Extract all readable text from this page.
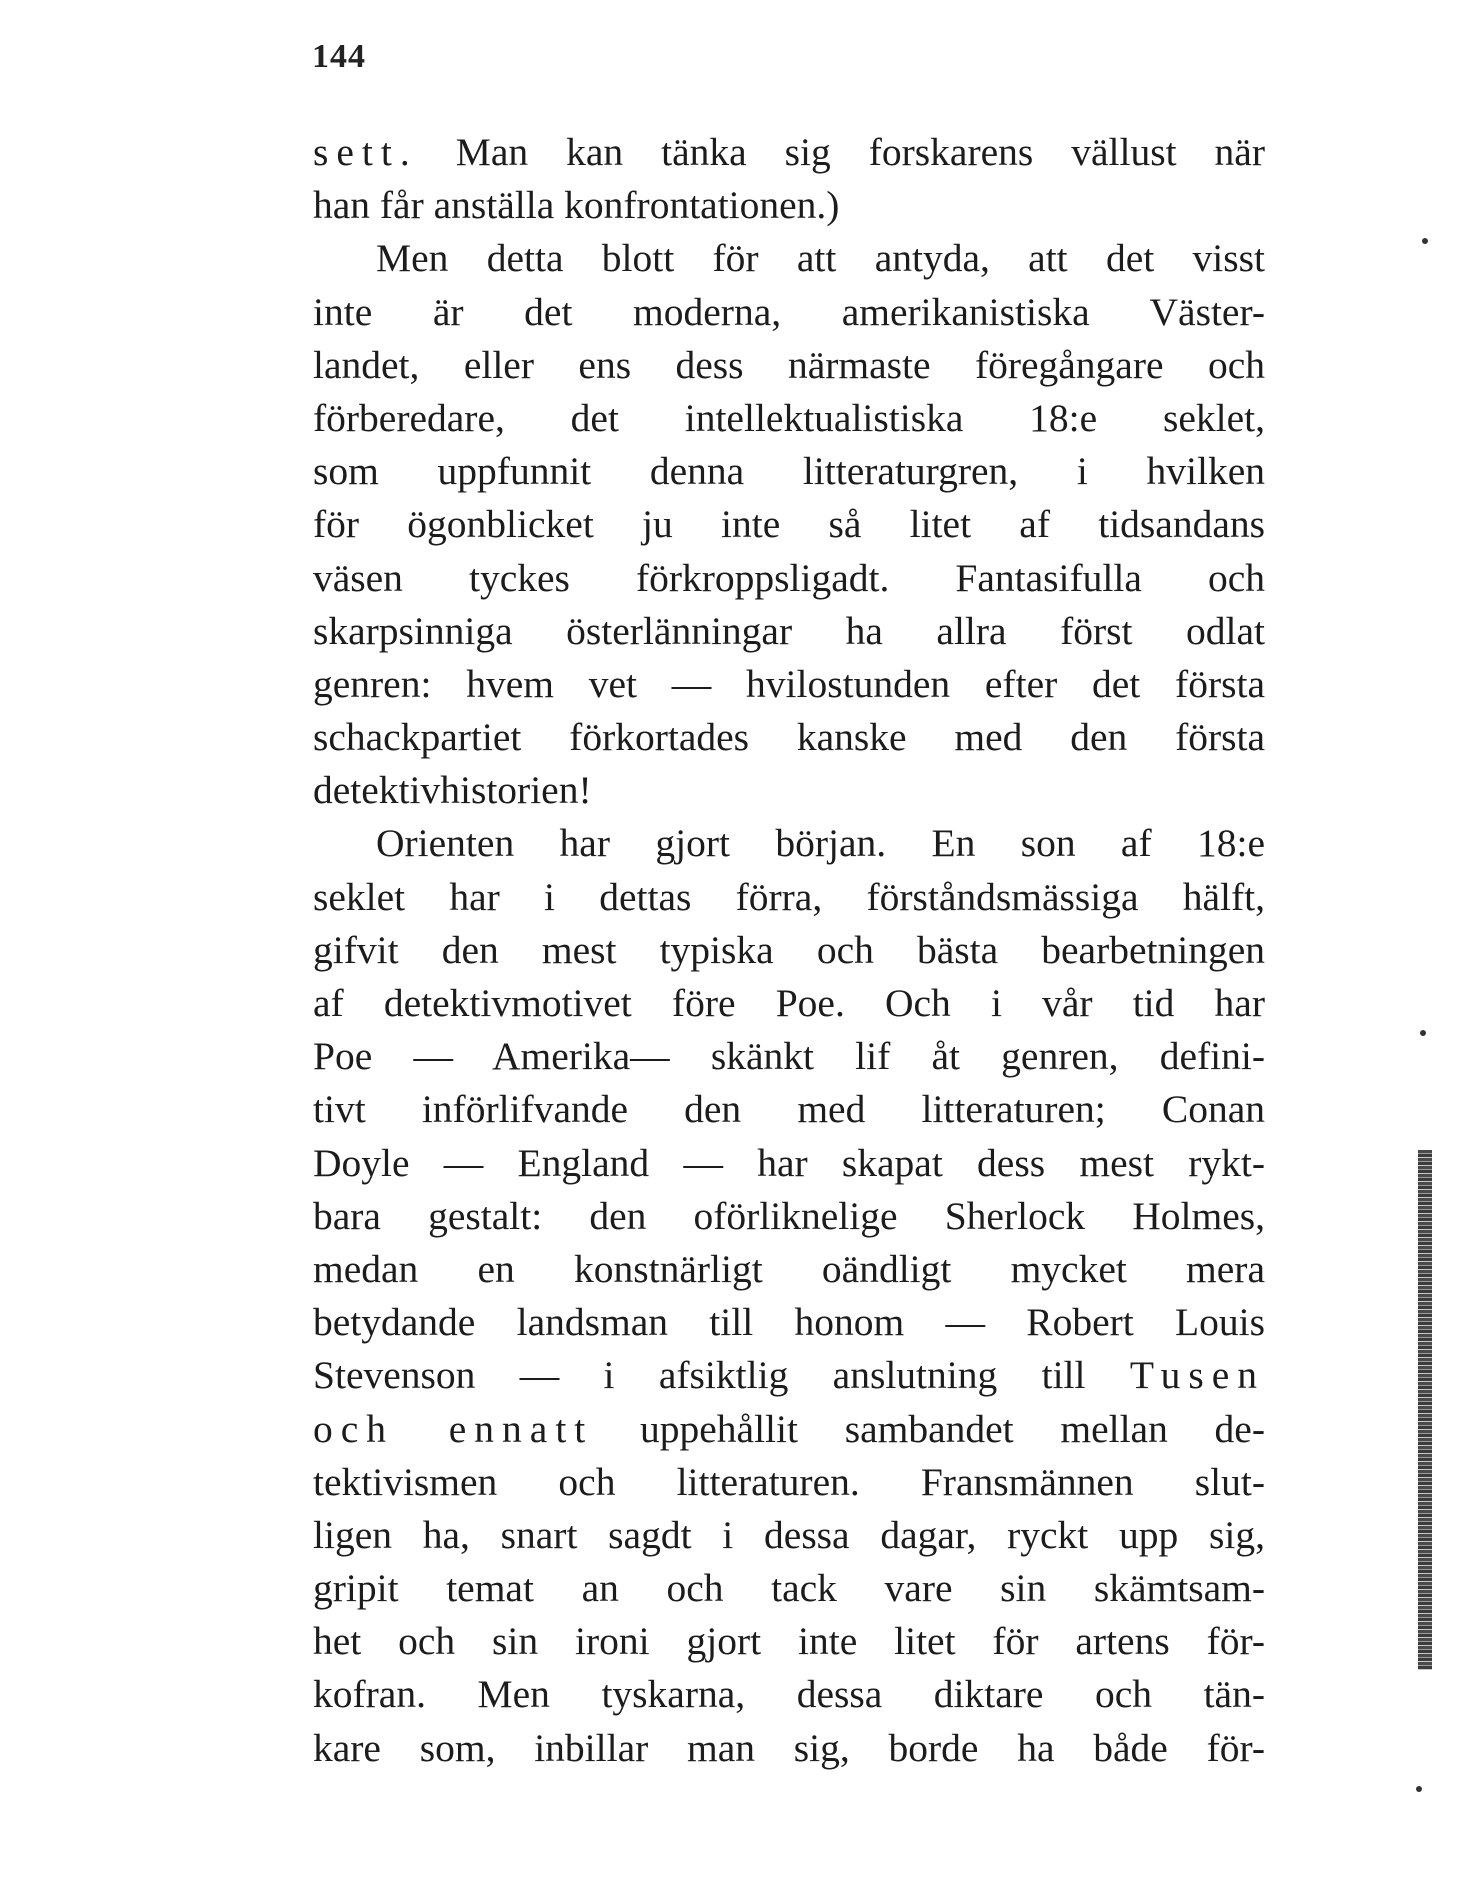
144
sett. Man kan tänka sig forskarens vällust när
han får anställa konfrontationen.)
Men detta blott för att antyda, att det visst
inte är det moderna, amerikanistiska Väster-
landet, eller ens dess närmaste föregångare och
förberedare, det intellektualistiska 18:e seklet,
som uppfunnit denna litteraturgren, i hvilken
för ögonblicket ju inte så litet af tidsandans
väsen tyckes förkroppsligadt. Fantasifulla och
skarpsinniga österlänningar ha allra först odlat
genren: hvem vet — hvilostunden efter det första
schackpartiet förkortades kanske med den första
detektivhistorien!
Orienten har gjort början. En son af 18:e
seklet har i dettas förra, förståndsmässiga hälft,
gifvit den mest typiska och bästa bearbetningen
af detektivmotivet före Poe. Och i vår tid har
Poe — Amerika— skänkt lif åt genren, defini-
tivt införlifvande den med litteraturen; Conan
Doyle — England — har skapat dess mest rykt-
bara gestalt: den oförliknelige Sherlock Holmes,
medan en konstnärligt oändligt mycket mera
betydande landsman till honom — Robert Louis
Stevenson — i afsiktlig anslutning till Tusen
och ennatt uppehållit sambandet mellan de-
tektivismen och litteraturen. Fransmännen slut-
ligen ha, snart sagdt i dessa dagar, ryckt upp sig,
gripit temat an och tack vare sin skämtsam-
het och sin ironi gjort inte litet för artens för-
kofran. Men tyskarna, dessa diktare och tän-
kare som, inbillar man sig, borde ha både för-
